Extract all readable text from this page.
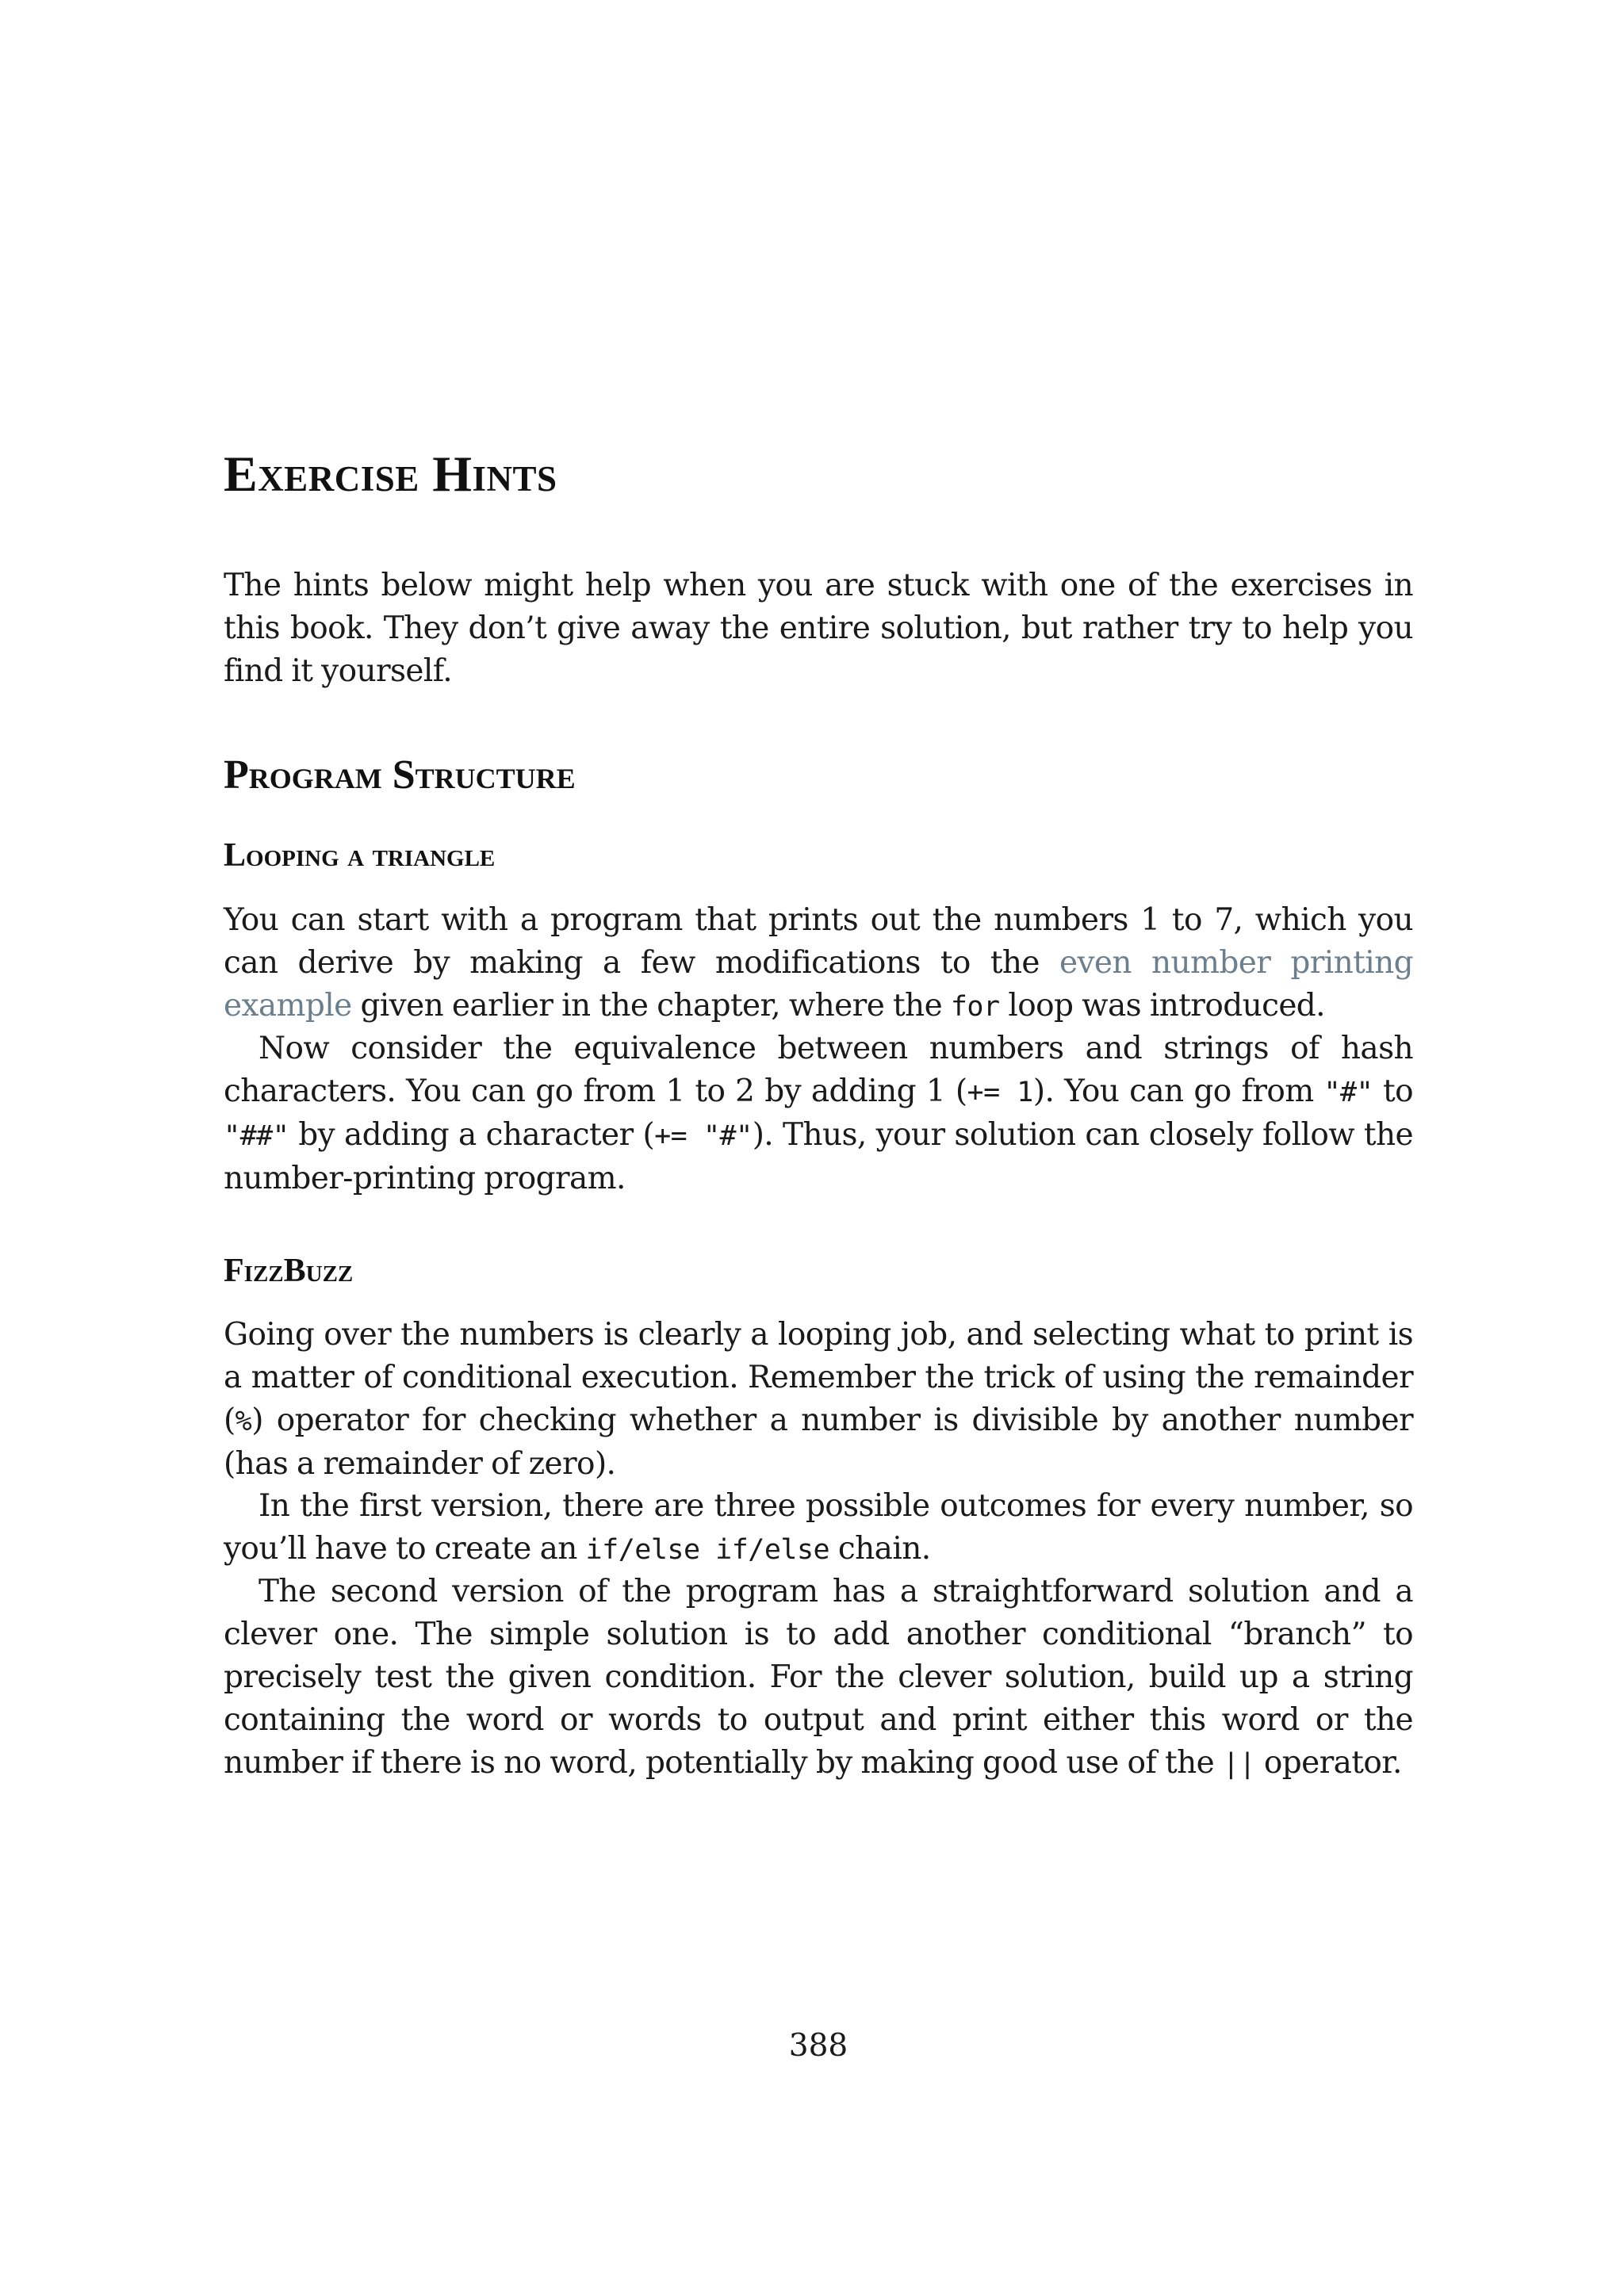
Exercise Hints

The hints below might help when you are stuck with one of the exercises in this book. They don’t give away the entire solution, but rather try to help you find it yourself.

Program Structure
Looping a triangle

You can start with a program that prints out the numbers 1 to 7, which you can derive by making a few modifications to the even number printing example given earlier in the chapter, where the for loop was introduced.

Now consider the equivalence between numbers and strings of hash characters. You can go from 1 to 2 by adding 1 (+= 1). You can go from "#" to "##" by adding a character (+= "#"). Thus, your solution can closely follow the number-printing program.

FizzBuzz

Going over the numbers is clearly a looping job, and selecting what to print is a matter of conditional execution. Remember the trick of using the remainder (%) operator for checking whether a number is divisible by another number (has a remainder of zero).

In the first version, there are three possible outcomes for every number, so you’ll have to create an if/else if/else chain.

The second version of the program has a straightforward solution and a clever one. The simple solution is to add another conditional “branch” to precisely test the given condition. For the clever solution, build up a string containing the word or words to output and print either this word or the number if there is no word, potentially by making good use of the || operator.

388
